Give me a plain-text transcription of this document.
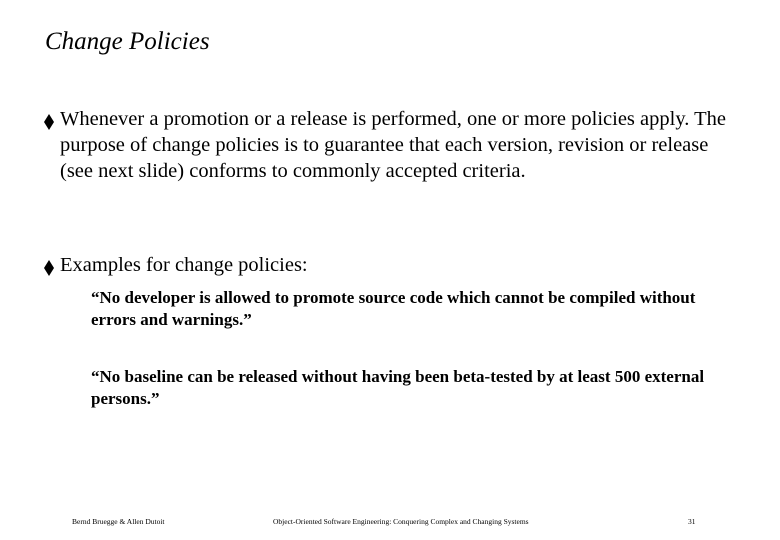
Change Policies
Whenever a promotion or a release is performed, one or more policies apply. The purpose of change policies is to guarantee that each version, revision or release (see next slide) conforms to commonly accepted criteria.
Examples for change policies:
“No developer is allowed to promote source code which cannot be compiled without errors and warnings.”
“No baseline can be released without having been beta-tested by at least 500 external persons.”
Bernd Bruegge & Allen Dutoit	Object-Oriented Software Engineering: Conquering Complex and Changing Systems	31
